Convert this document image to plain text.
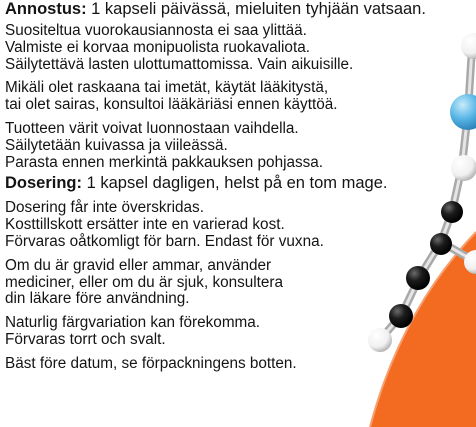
Annostus: 1 kapseli päivässä, mieluiten tyhjään vatsaan.

Suositeltua vuorokausiannosta ei saa ylittää.
Valmiste ei korvaa monipuolista ruokavaliota.
Säilytettävä lasten ulottumattomissa. Vain aikuisille.

Mikäli olet raskaana tai imetät, käytät lääkitystä,
tai olet sairas, konsultoi lääkäriäsi ennen käyttöä.

Tuotteen värit voivat luonnostaan vaihdella.
Säilytetään kuivassa ja viileässä.
Parasta ennen merkintä pakkauksen pohjassa.

Dosering: 1 kapsel dagligen, helst på en tom mage.

Dosering får inte överskridas.
Kosttillskott ersätter inte en varierad kost.
Förvaras oåtkomligt för barn. Endast för vuxna.

Om du är gravid eller ammar, använder
mediciner, eller om du är sjuk, konsultera
din läkare före användning.

Naturlig färgvariation kan förekomma.
Förvaras torrt och svalt.

Bäst före datum, se förpackningens botten.
